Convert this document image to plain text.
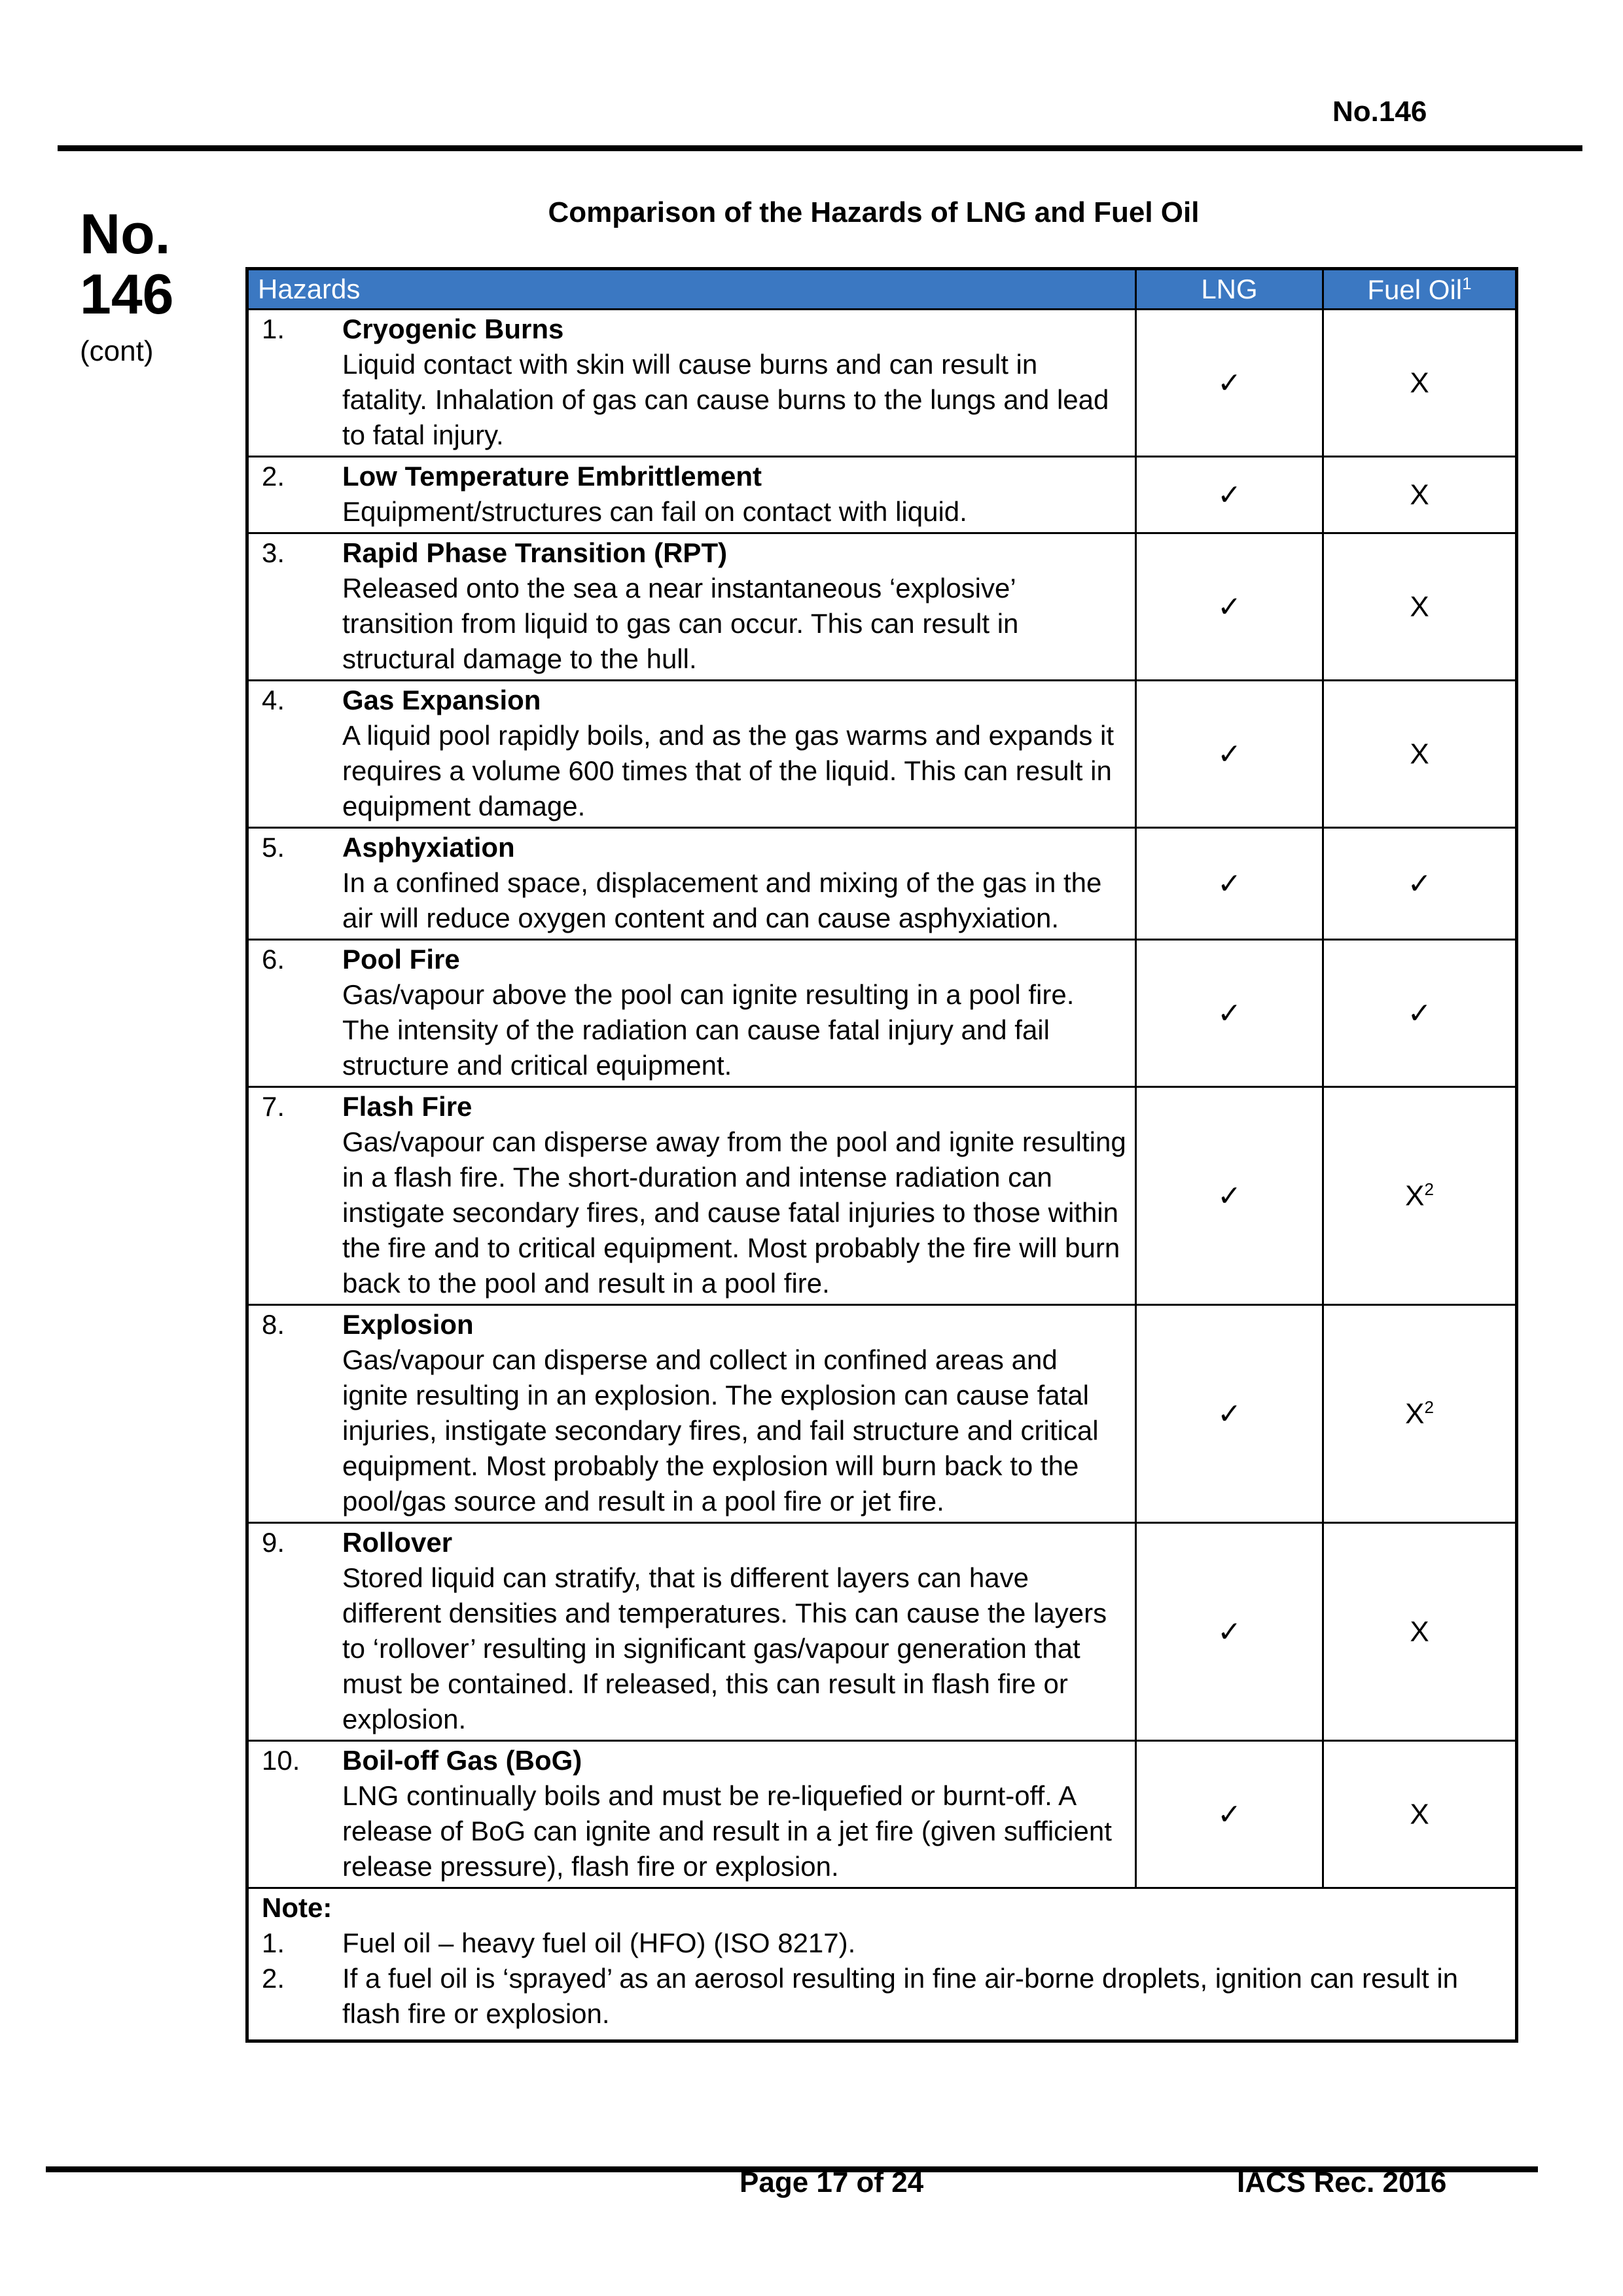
No.146
No.
146
(cont)
Comparison of the Hazards of LNG and Fuel Oil
Hazards	LNG	Fuel Oil$^1$

1. Cryogenic Burns
Liquid contact with skin will cause burns and can result in fatality. Inhalation of gas can cause burns to the lungs and lead to fatal injury.	✓	X

2. Low Temperature Embrittlement
Equipment/structures can fail on contact with liquid.	✓	X

3. Rapid Phase Transition (RPT)
Released onto the sea a near instantaneous ‘explosive’ transition from liquid to gas can occur. This can result in structural damage to the hull.	✓	X

4. Gas Expansion
A liquid pool rapidly boils, and as the gas warms and expands it requires a volume 600 times that of the liquid. This can result in equipment damage.	✓	X

5. Asphyxiation
In a confined space, displacement and mixing of the gas in the air will reduce oxygen content and can cause asphyxiation.	✓	✓

6. Pool Fire
Gas/vapour above the pool can ignite resulting in a pool fire. The intensity of the radiation can cause fatal injury and fail structure and critical equipment.	✓	✓

7. Flash Fire
Gas/vapour can disperse away from the pool and ignite resulting in a flash fire. The short-duration and intense radiation can instigate secondary fires, and cause fatal injuries to those within the fire and to critical equipment. Most probably the fire will burn back to the pool and result in a pool fire.	✓	$X^2$

8. Explosion
Gas/vapour can disperse and collect in confined areas and ignite resulting in an explosion. The explosion can cause fatal injuries, instigate secondary fires, and fail structure and critical equipment. Most probably the explosion will burn back to the pool/gas source and result in a pool fire or jet fire.	✓	$X^2$

9. Rollover
Stored liquid can stratify, that is different layers can have different densities and temperatures. This can cause the layers to ‘rollover’ resulting in significant gas/vapour generation that must be contained. If released, this can result in flash fire or explosion.	✓	X

10. Boil-off Gas (BoG)
LNG continually boils and must be re-liquefied or burnt-off. A release of BoG can ignite and result in a jet fire (given sufficient release pressure), flash fire or explosion.	✓	X

Note:
1. Fuel oil – heavy fuel oil (HFO) (ISO 8217).
2. If a fuel oil is ‘sprayed’ as an aerosol resulting in fine air-borne droplets, ignition can result in flash fire or explosion.		
Page 17 of 24	IACS Rec. 2016
